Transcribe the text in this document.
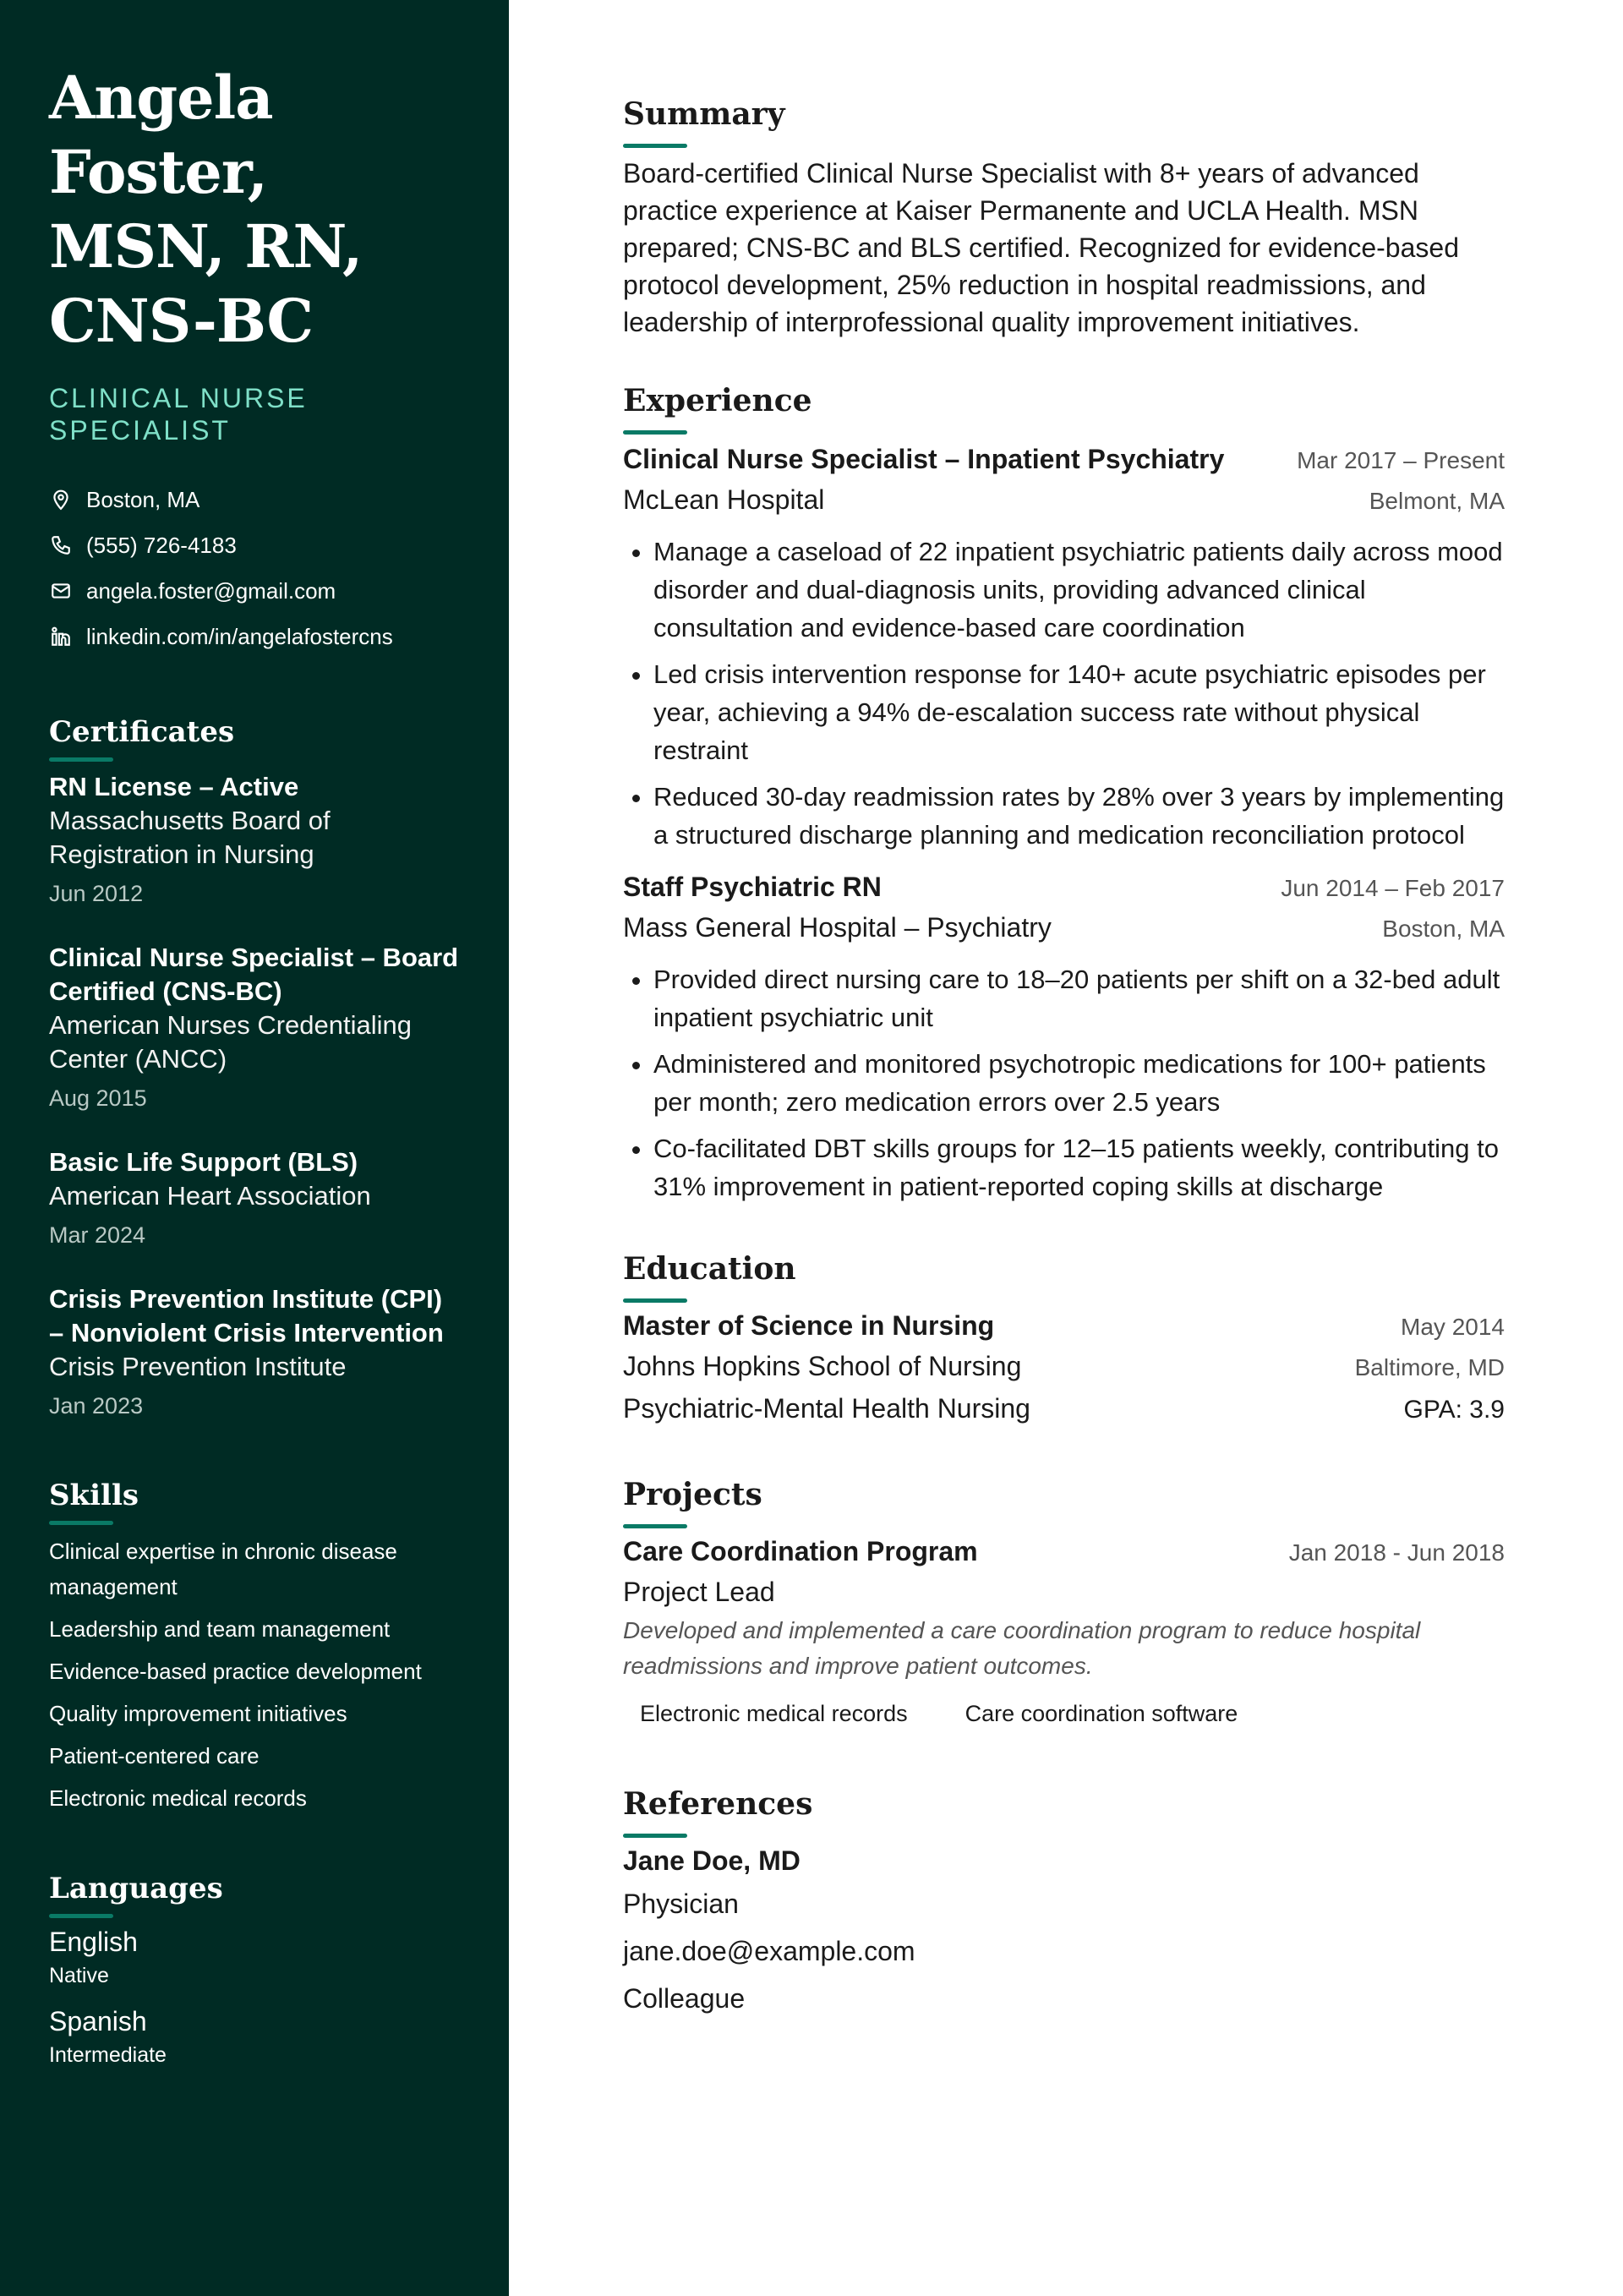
Angela Foster, MSN, RN, CNS-BC
CLINICAL NURSE SPECIALIST
Boston, MA
(555) 726-4183
angela.foster@gmail.com
linkedin.com/in/angelafostercns
Certificates
RN License – Active
Massachusetts Board of Registration in Nursing
Jun 2012
Clinical Nurse Specialist – Board Certified (CNS-BC)
American Nurses Credentialing Center (ANCC)
Aug 2015
Basic Life Support (BLS)
American Heart Association
Mar 2024
Crisis Prevention Institute (CPI) – Nonviolent Crisis Intervention
Crisis Prevention Institute
Jan 2023
Skills
Clinical expertise in chronic disease management
Leadership and team management
Evidence-based practice development
Quality improvement initiatives
Patient-centered care
Electronic medical records
Languages
English
Native
Spanish
Intermediate
Summary

Board-certified Clinical Nurse Specialist with 8+ years of advanced practice experience at Kaiser Permanente and UCLA Health. MSN prepared; CNS-BC and BLS certified. Recognized for evidence-based protocol development, 25% reduction in hospital readmissions, and leadership of interprofessional quality improvement initiatives.

Experience
Clinical Nurse Specialist – Inpatient Psychiatry	Mar 2017 – Present
McLean Hospital	Belmont, MA
• Manage a caseload of 22 inpatient psychiatric patients daily across mood disorder and dual-diagnosis units, providing advanced clinical consultation and evidence-based care coordination
• Led crisis intervention response for 140+ acute psychiatric episodes per year, achieving a 94% de-escalation success rate without physical restraint
• Reduced 30-day readmission rates by 28% over 3 years by implementing a structured discharge planning and medication reconciliation protocol
Staff Psychiatric RN	Jun 2014 – Feb 2017
Mass General Hospital – Psychiatry	Boston, MA
• Provided direct nursing care to 18–20 patients per shift on a 32-bed adult inpatient psychiatric unit
• Administered and monitored psychotropic medications for 100+ patients per month; zero medication errors over 2.5 years
• Co-facilitated DBT skills groups for 12–15 patients weekly, contributing to 31% improvement in patient-reported coping skills at discharge
Education
Master of Science in Nursing	May 2014
Johns Hopkins School of Nursing	Baltimore, MD
Psychiatric-Mental Health Nursing	GPA: 3.9
Projects
Care Coordination Program	Jan 2018 - Jun 2018
Project Lead
Developed and implemented a care coordination program to reduce hospital readmissions and improve patient outcomes.
Electronic medical records	Care coordination software
References
Jane Doe, MD
Physician
jane.doe@example.com
Colleague
